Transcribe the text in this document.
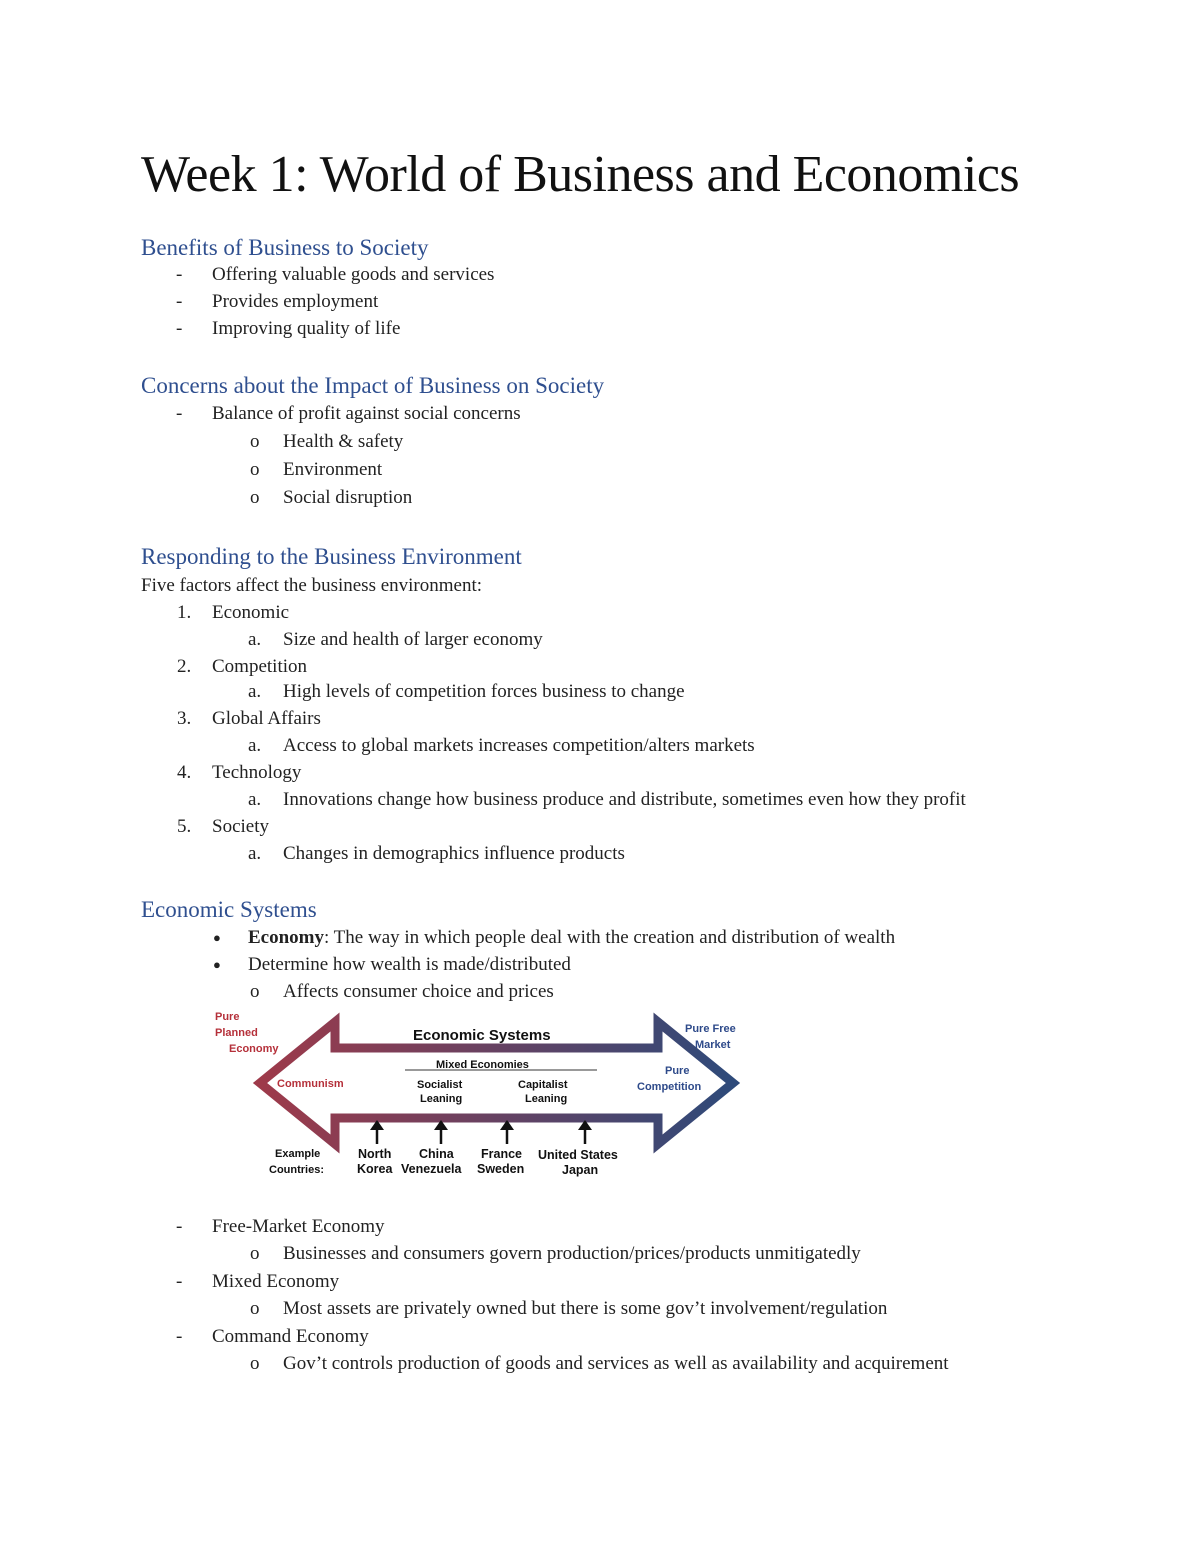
Week 1: World of Business and Economics
Benefits of Business to Society
- Offering valuable goods and services
- Provides employment
- Improving quality of life
Concerns about the Impact of Business on Society
- Balance of profit against social concerns
o Health & safety
o Environment
o Social disruption
Responding to the Business Environment
Five factors affect the business environment:
1. Economic
a. Size and health of larger economy
2. Competition
a. High levels of competition forces business to change
3. Global Affairs
a. Access to global markets increases competition/alters markets
4. Technology
a. Innovations change how business produce and distribute, sometimes even how they profit
5. Society
a. Changes in demographics influence products
Economic Systems
● Economy: The way in which people deal with the creation and distribution of wealth
● Determine how wealth is made/distributed
o Affects consumer choice and prices
Pure
Planned
Economy
Pure Free
Market
Economic Systems
Mixed Economies
Communism
Pure
Competition
Socialist
Leaning
Capitalist
Leaning
Example
Countries:
North
Korea
China
Venezuela
France
Sweden
United States
Japan
- Free-Market Economy
o Businesses and consumers govern production/prices/products unmitigatedly
- Mixed Economy
o Most assets are privately owned but there is some gov’t involvement/regulation
- Command Economy
o Gov’t controls production of goods and services as well as availability and acquirement
